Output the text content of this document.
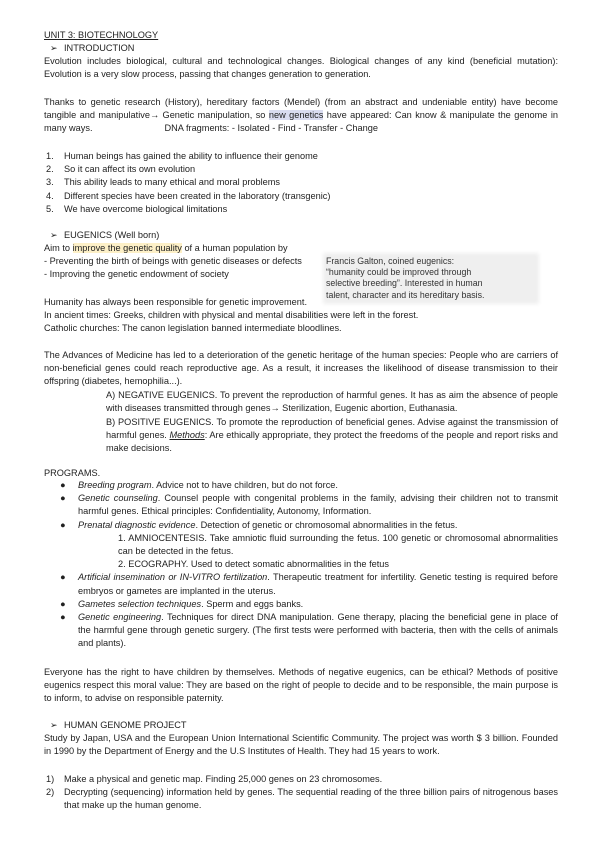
UNIT 3: BIOTECHNOLOGY
➢ INTRODUCTION
Evolution includes biological, cultural and technological changes. Biological changes of any kind (beneficial mutation): Evolution is a very slow process, passing that changes generation to generation.
Thanks to genetic research (History), hereditary factors (Mendel) (from an abstract and undeniable entity) have become tangible and manipulative→ Genetic manipulation, so new genetics have appeared: Can know & manipulate the genome in many ways.	DNA fragments: - Isolated - Find - Transfer - Change
1. Human beings has gained the ability to influence their genome
2. So it can affect its own evolution
3. This ability leads to many ethical and moral problems
4. Different species have been created in the laboratory (transgenic)
5. We have overcome biological limitations
➢ EUGENICS (Well born)
Aim to improve the genetic quality of a human population by
- Preventing the birth of beings with genetic diseases or defects
- Improving the genetic endowment of society
Humanity has always been responsible for genetic improvement.
In ancient times: Greeks, children with physical and mental disabilities were left in the forest.
Catholic churches: The canon legislation banned intermediate bloodlines.
The Advances of Medicine has led to a deterioration of the genetic heritage of the human species: People who are carriers of non-beneficial genes could reach reproductive age. As a result, it increases the likelihood of disease transmission to their offspring (diabetes, hemophilia...).
A) NEGATIVE EUGENICS. To prevent the reproduction of harmful genes. It has as aim the absence of people with diseases transmitted through genes→ Sterilization, Eugenic abortion, Euthanasia.
B) POSITIVE EUGENICS. To promote the reproduction of beneficial genes. Advise against the transmission of harmful genes. Methods: Are ethically appropriate, they protect the freedoms of the people and report risks and make decisions.
PROGRAMS.
● Breeding program. Advice not to have children, but do not force.
● Genetic counseling. Counsel people with congenital problems in the family, advising their children not to transmit harmful genes. Ethical principles: Confidentiality, Autonomy, Information.
● Prenatal diagnostic evidence. Detection of genetic or chromosomal abnormalities in the fetus.
1. AMNIOCENTESIS. Take amniotic fluid surrounding the fetus. 100 genetic or chromosomal abnormalities can be detected in the fetus.
2. ECOGRAPHY. Used to detect somatic abnormalities in the fetus
● Artificial insemination or IN-VITRO fertilization. Therapeutic treatment for infertility. Genetic testing is required before embryos or gametes are implanted in the uterus.
● Gametes selection techniques. Sperm and eggs banks.
● Genetic engineering. Techniques for direct DNA manipulation. Gene therapy, placing the beneficial gene in place of the harmful gene through genetic surgery. (The first tests were performed with bacteria, then with the cells of animals and plants).
Everyone has the right to have children by themselves. Methods of negative eugenics, can be ethical? Methods of positive eugenics respect this moral value: They are based on the right of people to decide and to be responsible, the main purpose is to inform, to advise on responsible paternity.
➢ HUMAN GENOME PROJECT
Study by Japan, USA and the European Union International Scientific Community. The project was worth $ 3 billion. Founded in 1990 by the Department of Energy and the U.S Institutes of Health. They had 15 years to work.
1) Make a physical and genetic map. Finding 25,000 genes on 23 chromosomes.
2) Decrypting (sequencing) information held by genes. The sequential reading of the three billion pairs of nitrogenous bases that make up the human genome.
Francis Galton, coined eugenics:
“humanity could be improved through
selective breeding”. Interested in human
talent, character and its hereditary basis.
